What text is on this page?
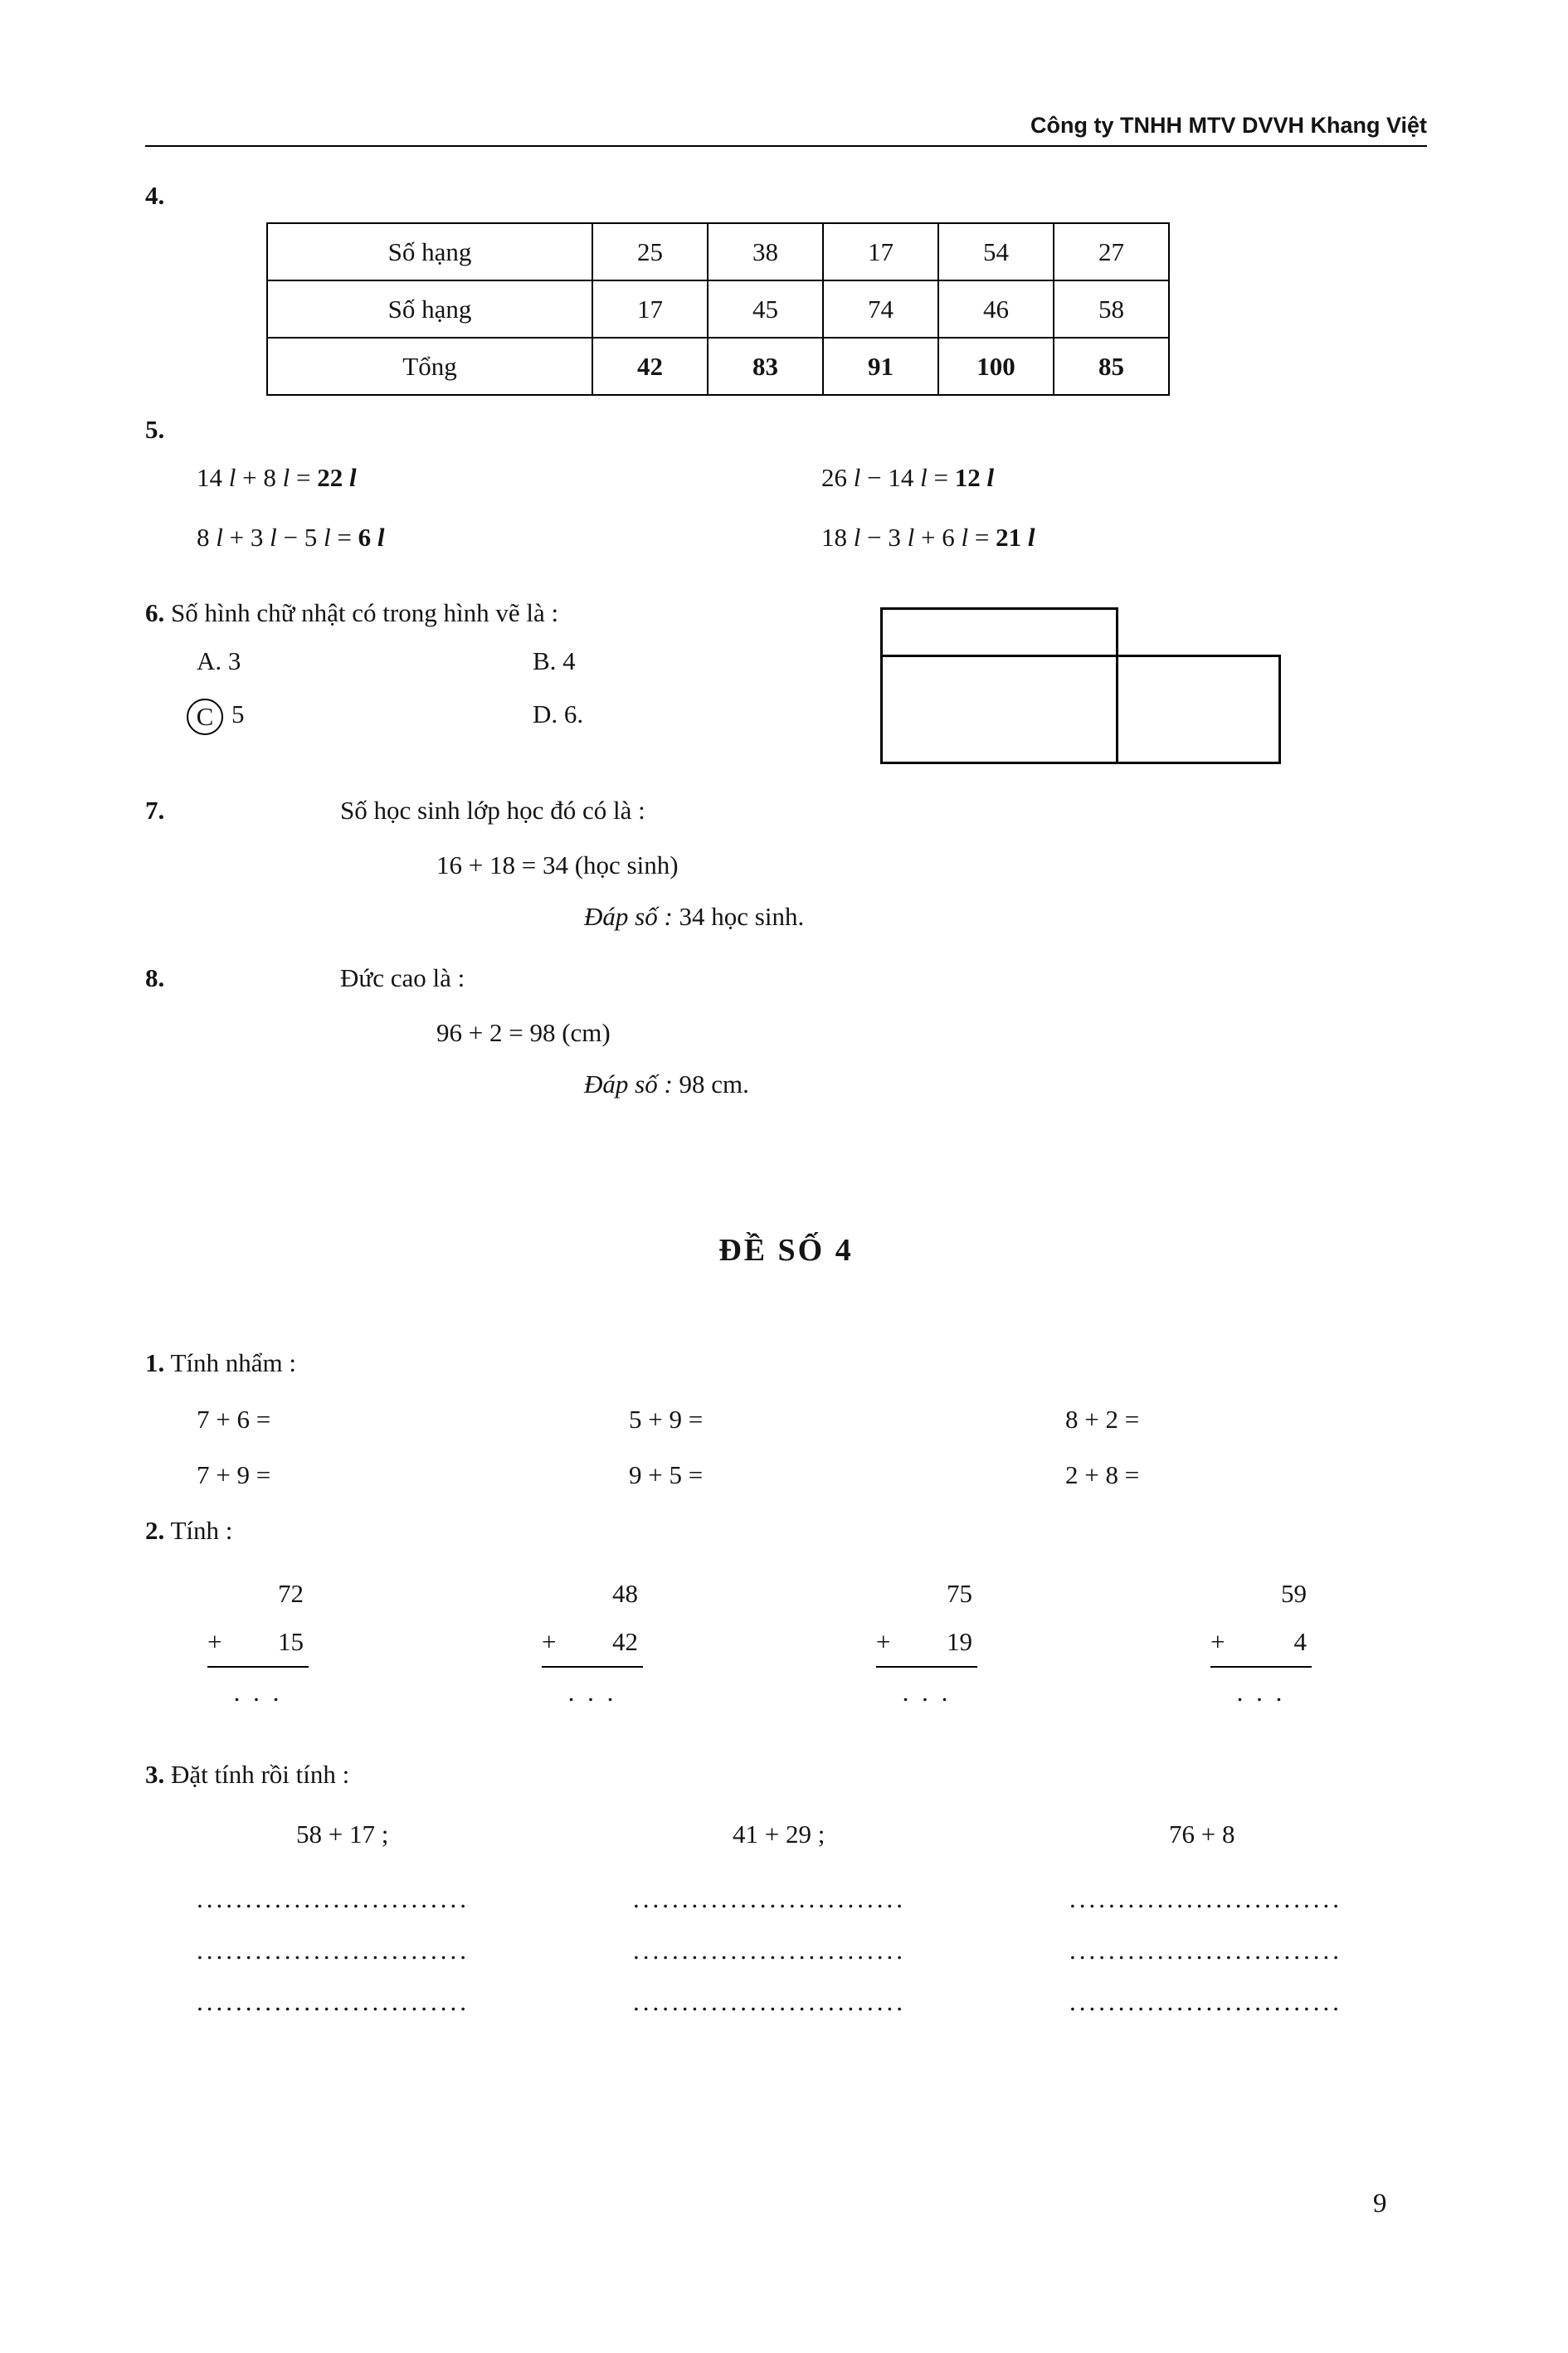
Công ty TNHH MTV DVVH Khang Việt
4.
Số hạng	25	38	17	54	27
Số hạng	17	45	74	46	58
Tổng	42	83	91	100	85
5.
14 l + 8 l = 22 l	26 l − 14 l = 12 l
8 l + 3 l − 5 l = 6 l	18 l − 3 l + 6 l = 21 l
6. Số hình chữ nhật có trong hình vẽ là :
A. 3	B. 4
C 5	D. 6.
7.	Số học sinh lớp học đó có là :
16 + 18 = 34 (học sinh)
Đáp số : 34 học sinh.
8.	Đức cao là :
96 + 2 = 98 (cm)
Đáp số : 98 cm.
ĐỀ SỐ 4
1. Tính nhẩm :
7 + 6 =	5 + 9 =	8 + 2 =
7 + 9 =	9 + 5 =	2 + 8 =
2. Tính :
72
+ 15
. . .
48
+ 42
. . .
75
+ 19
. . .
59
+	4
. . .
3. Đặt tính rồi tính :
58 + 17 ;	41 + 29 ;	76 + 8
............................	............................	............................
............................	............................	............................
............................	............................	............................
9
